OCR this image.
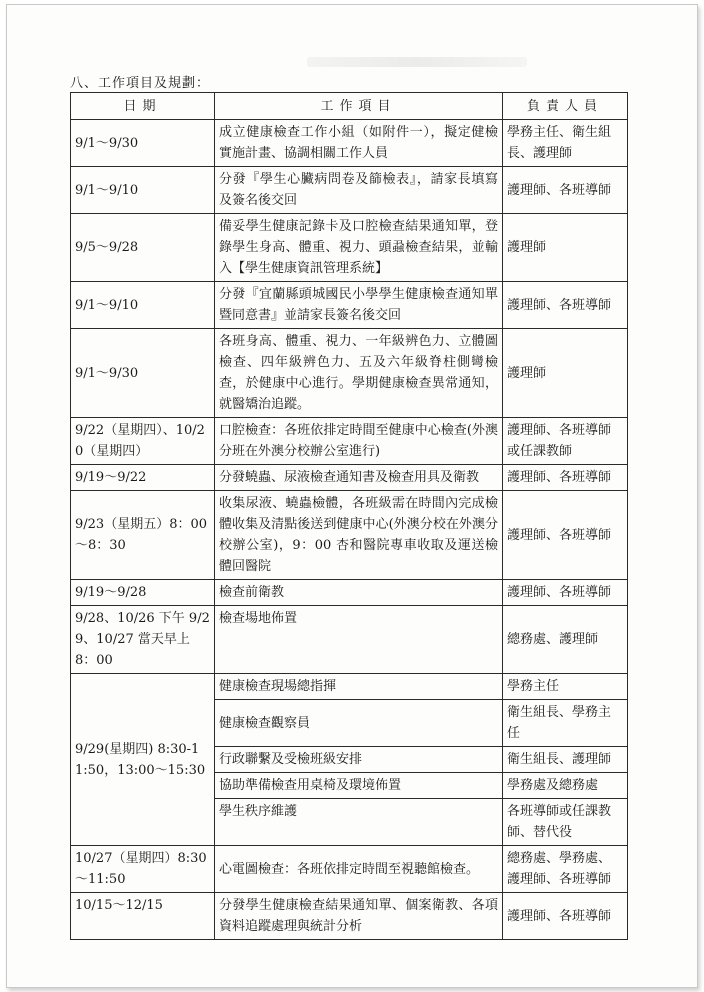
八、工作項目及規劃：
日期	工作項目	負責人員
9/1～9/30	成立健康檢查工作小組（如附件一），擬定健檢實施計畫、協調相關工作人員	學務主任、衛生組長、護理師
9/1～9/10	分發『學生心臟病問卷及篩檢表』，請家長填寫及簽名後交回	護理師、各班導師
9/5～9/28	備妥學生健康記錄卡及口腔檢查結果通知單，登錄學生身高、體重、視力、頭蝨檢查結果，並輸入【學生健康資訊管理系統】	護理師
9/1～9/10	分發『宜蘭縣頭城國民小學學生健康檢查通知單暨同意書』並請家長簽名後交回	護理師、各班導師
9/1～9/30	各班身高、體重、視力、一年級辨色力、立體圖檢查、四年級辨色力、五及六年級脊柱側彎檢查，於健康中心進行。學期健康檢查異常通知，就醫矯治追蹤。	護理師
9/22（星期四）、10/20（星期四）	口腔檢查：各班依排定時間至健康中心檢查(外澳分班在外澳分校辦公室進行)	護理師、各班導師或任課教師
9/19～9/22	分發蟯蟲、尿液檢查通知書及檢查用具及衛教	護理師、各班導師
9/23（星期五）8：00～8：30	收集尿液、蟯蟲檢體，各班級需在時間內完成檢體收集及清點後送到健康中心(外澳分校在外澳分校辦公室)，9：00 杏和醫院專車收取及運送檢體回醫院	護理師、各班導師
9/19～9/28	檢查前衛教	護理師、各班導師
9/28、10/26 下午 9/29、10/27 當天早上 8：00	檢查場地佈置	總務處、護理師
9/29(星期四) 8:30-11:50，13:00～15:30	健康檢查現場總指揮	學務主任
	健康檢查觀察員	衛生組長、學務主任
	行政聯繫及受檢班級安排	衛生組長、護理師
	協助準備檢查用桌椅及環境佈置	學務處及總務處
	學生秩序維護	各班導師或任課教師、替代役
10/27（星期四）8:30～11:50	心電圖檢查：各班依排定時間至視聽館檢查。	總務處、學務處、護理師、各班導師
10/15～12/15	分發學生健康檢查結果通知單、個案衛教、各項資料追蹤處理與統計分析	護理師、各班導師
